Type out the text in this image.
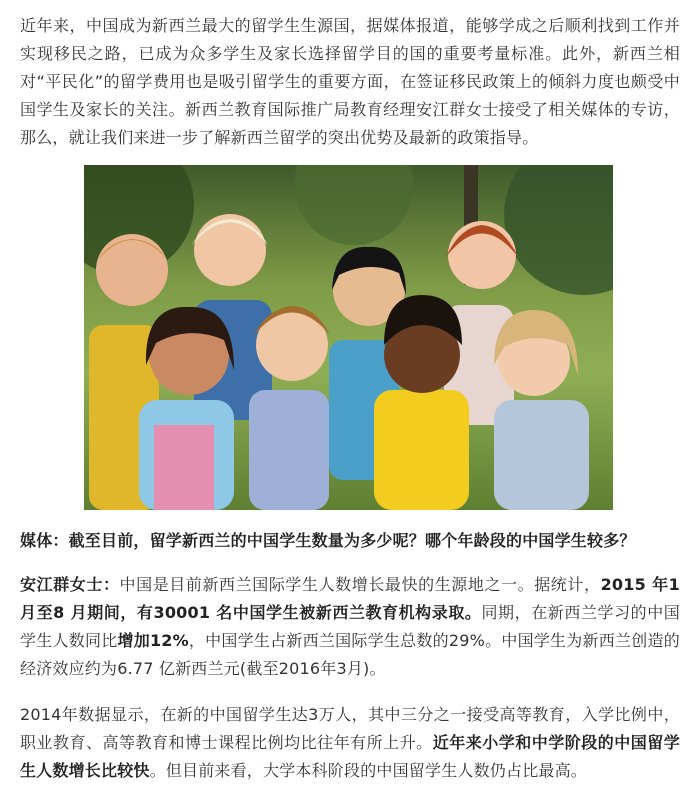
近年来，中国成为新西兰最大的留学生生源国，据媒体报道，能够学成之后顺利找到工作并实现移民之路，已成为众多学生及家长选择留学目的国的重要考量标准。此外，新西兰相对“平民化”的留学费用也是吸引留学生的重要方面，在签证移民政策上的倾斜力度也颇受中国学生及家长的关注。新西兰教育国际推广局教育经理安江群女士接受了相关媒体的专访，那么，就让我们来进一步了解新西兰留学的突出优势及最新的政策指导。

媒体：截至目前，留学新西兰的中国学生数量为多少呢？哪个年龄段的中国学生较多？

安江群女士：中国是目前新西兰国际学生人数增长最快的生源地之一。据统计，2015 年1 月至8 月期间，有30001 名中国学生被新西兰教育机构录取。同期，在新西兰学习的中国学生人数同比增加12%，中国学生占新西兰国际学生总数的29%。中国学生为新西兰创造的经济效应约为6.77 亿新西兰元(截至2016年3月)。

2014年数据显示，在新的中国留学生达3万人，其中三分之一接受高等教育，入学比例中，职业教育、高等教育和博士课程比例均比往年有所上升。近年来小学和中学阶段的中国留学生人数增长比较快。但目前来看，大学本科阶段的中国留学生人数仍占比最高。
